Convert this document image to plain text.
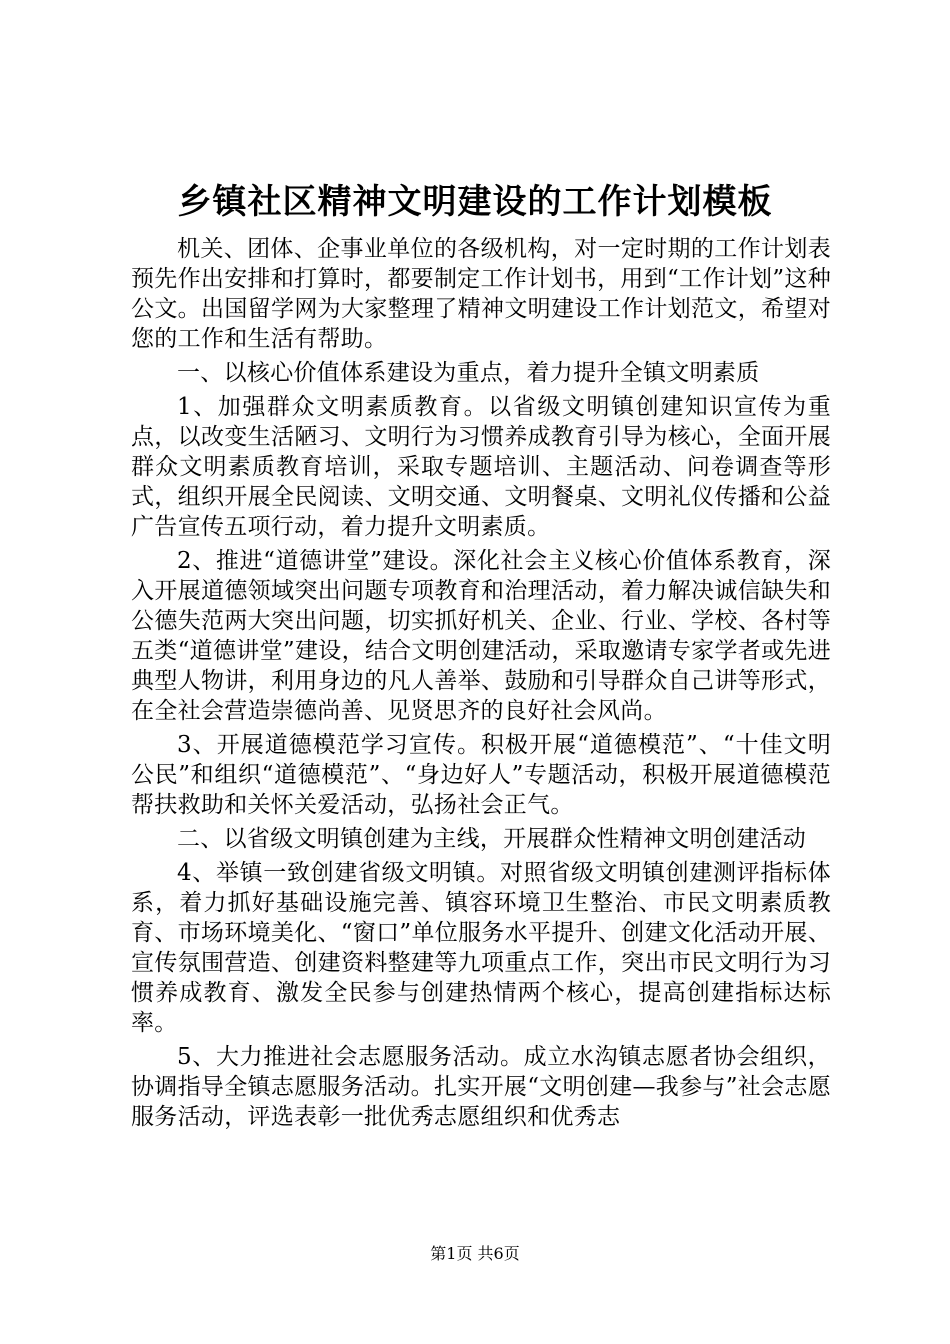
乡镇社区精神文明建设的工作计划模板

机关、团体、企事业单位的各级机构，对一定时期的工作计划表预先作出安排和打算时，都要制定工作计划书，用到“工作计划”这种公文。出国留学网为大家整理了精神文明建设工作计划范文，希望对您的工作和生活有帮助。

一、以核心价值体系建设为重点，着力提升全镇文明素质

1、加强群众文明素质教育。以省级文明镇创建知识宣传为重点，以改变生活陋习、文明行为习惯养成教育引导为核心，全面开展群众文明素质教育培训，采取专题培训、主题活动、问卷调查等形式，组织开展全民阅读、文明交通、文明餐桌、文明礼仪传播和公益广告宣传五项行动，着力提升文明素质。

2、推进“道德讲堂”建设。深化社会主义核心价值体系教育，深入开展道德领域突出问题专项教育和治理活动，着力解决诚信缺失和公德失范两大突出问题，切实抓好机关、企业、行业、学校、各村等五类“道德讲堂”建设，结合文明创建活动，采取邀请专家学者或先进典型人物讲，利用身边的凡人善举、鼓励和引导群众自己讲等形式，在全社会营造崇德尚善、见贤思齐的良好社会风尚。

3、开展道德模范学习宣传。积极开展“道德模范”、“十佳文明公民”和组织“道德模范”、“身边好人”专题活动，积极开展道德模范帮扶救助和关怀关爱活动，弘扬社会正气。

二、以省级文明镇创建为主线，开展群众性精神文明创建活动

4、举镇一致创建省级文明镇。对照省级文明镇创建测评指标体系，着力抓好基础设施完善、镇容环境卫生整治、市民文明素质教育、市场环境美化、“窗口”单位服务水平提升、创建文化活动开展、宣传氛围营造、创建资料整建等九项重点工作，突出市民文明行为习惯养成教育、激发全民参与创建热情两个核心，提高创建指标达标率。

5、大力推进社会志愿服务活动。成立水沟镇志愿者协会组织，协调指导全镇志愿服务活动。扎实开展“文明创建—我参与”社会志愿服务活动，评选表彰一批优秀志愿组织和优秀志

第1页 共6页
